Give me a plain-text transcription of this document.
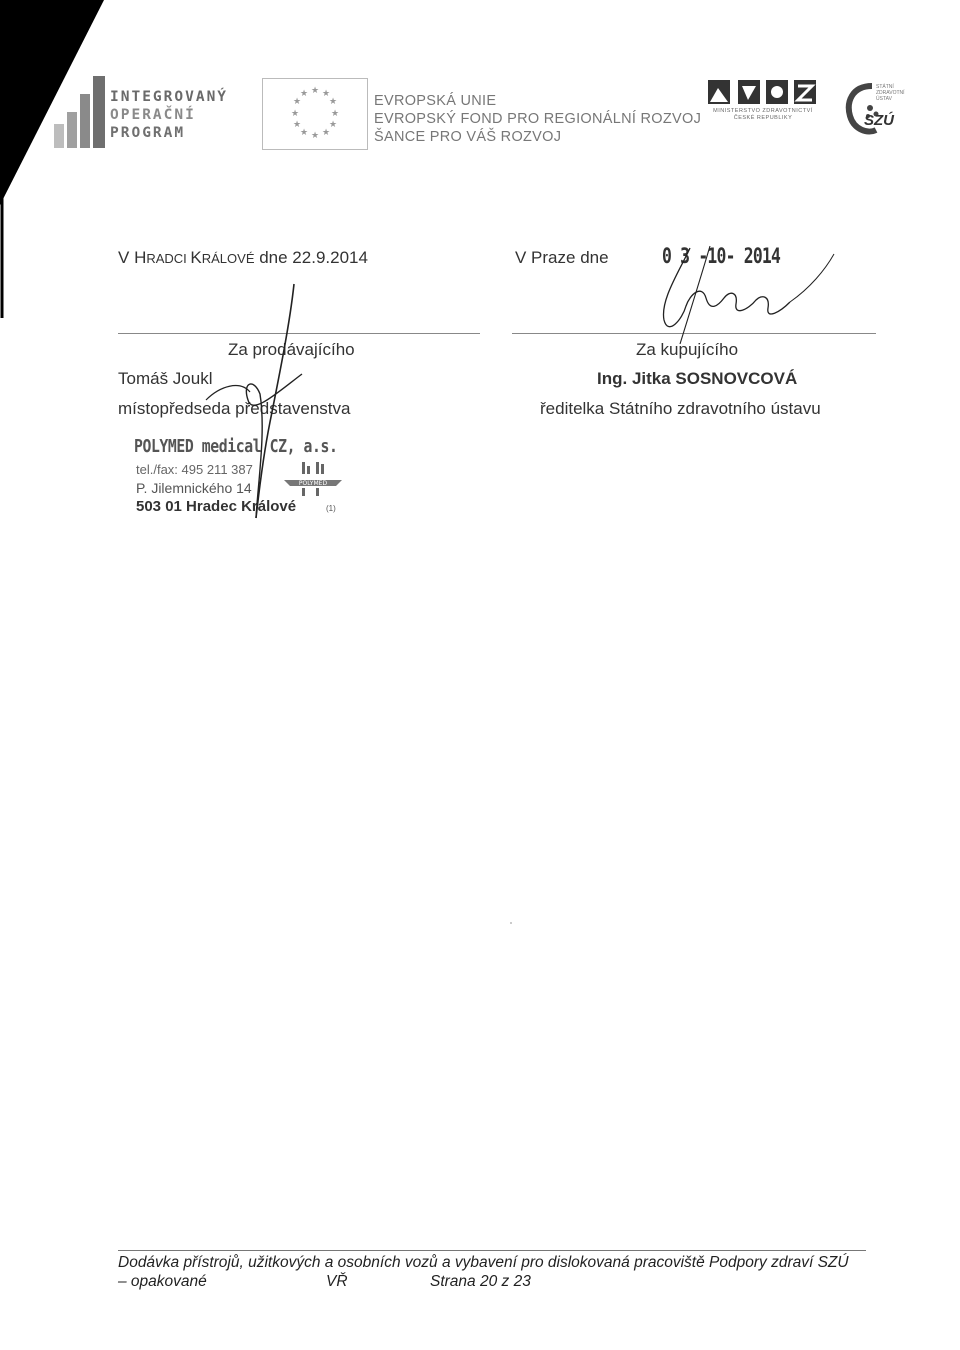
INTEGROVANÝ
OPERAČNÍ
PROGRAM
★ ★
★
★
★
★
★
★
★
★
★
★	EVROPSKÁ UNIE
EVROPSKÝ FOND PRO REGIONÁLNÍ ROZVOJ
ŠANCE PRO VÁŠ ROZVOJ
MINISTERSTVO ZDRAVOTNICTVÍ
ČESKÉ REPUBLIKY
STÁTNÍ
ZDRAVOTNÍ
ÚSTAV
SZÚ
V HRADCI KRÁLOVÉ dne 22.9.2014	V Praze dne	0 3 -10- 2014
Za prodávajícího
Tomáš Joukl
místopředseda představenstva
Za kupujícího
Ing. Jitka SOSNOVCOVÁ
ředitelka Státního zdravotního ústavu
POLYMED medical CZ, a.s.
tel./fax: 495 211 387
P. Jilemnického 14
503 01 Hradec Králové
POLYMED
(1)
Dodávka přístrojů, užitkových a osobních vozů a vybavení pro dislokovaná pracoviště Podpory zdraví SZÚ
– opakované	VŘ	Strana 20 z 23
